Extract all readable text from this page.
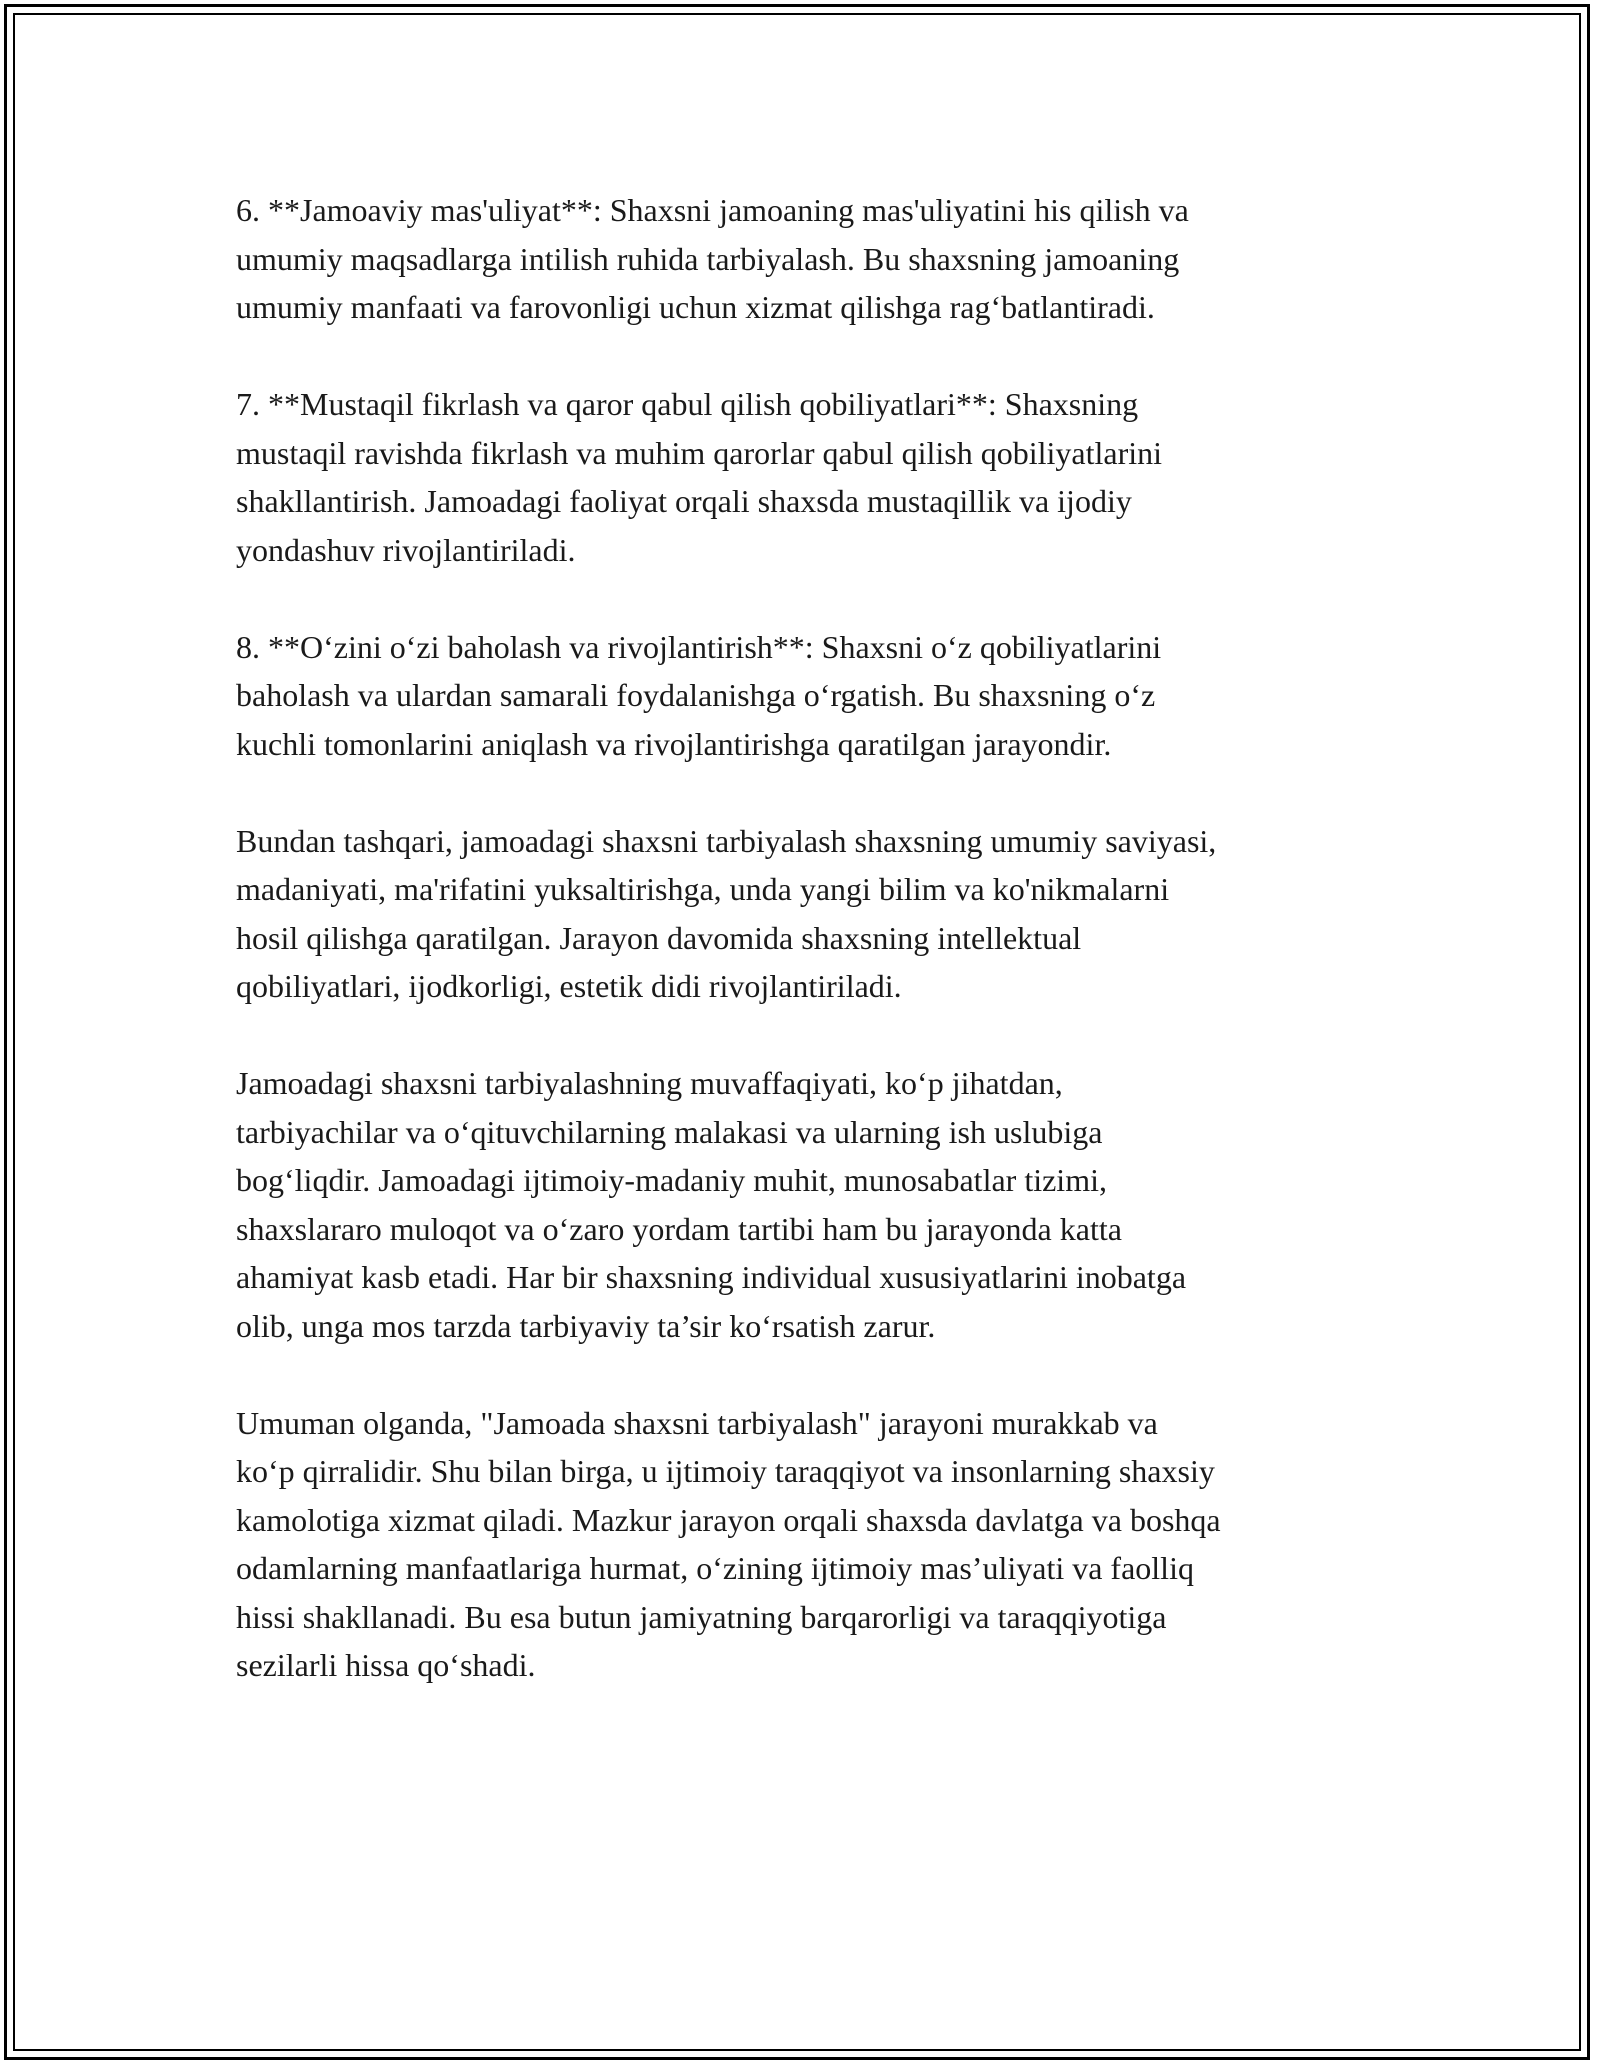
6. **Jamoaviy mas'uliyat**: Shaxsni jamoaning mas'uliyatini his qilish va
umumiy maqsadlarga intilish ruhida tarbiyalash. Bu shaxsning jamoaning
umumiy manfaati va farovonligi uchun xizmat qilishga rag‘batlantiradi.

7. **Mustaqil fikrlash va qaror qabul qilish qobiliyatlari**: Shaxsning
mustaqil ravishda fikrlash va muhim qarorlar qabul qilish qobiliyatlarini
shakllantirish. Jamoadagi faoliyat orqali shaxsda mustaqillik va ijodiy
yondashuv rivojlantiriladi.

8. **O‘zini o‘zi baholash va rivojlantirish**: Shaxsni o‘z qobiliyatlarini
baholash va ulardan samarali foydalanishga o‘rgatish. Bu shaxsning o‘z
kuchli tomonlarini aniqlash va rivojlantirishga qaratilgan jarayondir.

Bundan tashqari, jamoadagi shaxsni tarbiyalash shaxsning umumiy saviyasi,
madaniyati, ma'rifatini yuksaltirishga, unda yangi bilim va ko'nikmalarni
hosil qilishga qaratilgan. Jarayon davomida shaxsning intellektual
qobiliyatlari, ijodkorligi, estetik didi rivojlantiriladi.

Jamoadagi shaxsni tarbiyalashning muvaffaqiyati, ko‘p jihatdan,
tarbiyachilar va o‘qituvchilarning malakasi va ularning ish uslubiga
bog‘liqdir. Jamoadagi ijtimoiy-madaniy muhit, munosabatlar tizimi,
shaxslararo muloqot va o‘zaro yordam tartibi ham bu jarayonda katta
ahamiyat kasb etadi. Har bir shaxsning individual xususiyatlarini inobatga
olib, unga mos tarzda tarbiyaviy ta’sir ko‘rsatish zarur.

Umuman olganda, "Jamoada shaxsni tarbiyalash" jarayoni murakkab va
ko‘p qirralidir. Shu bilan birga, u ijtimoiy taraqqiyot va insonlarning shaxsiy
kamolotiga xizmat qiladi. Mazkur jarayon orqali shaxsda davlatga va boshqa
odamlarning manfaatlariga hurmat, o‘zining ijtimoiy mas’uliyati va faolliq
hissi shakllanadi. Bu esa butun jamiyatning barqarorligi va taraqqiyotiga
sezilarli hissa qo‘shadi.
